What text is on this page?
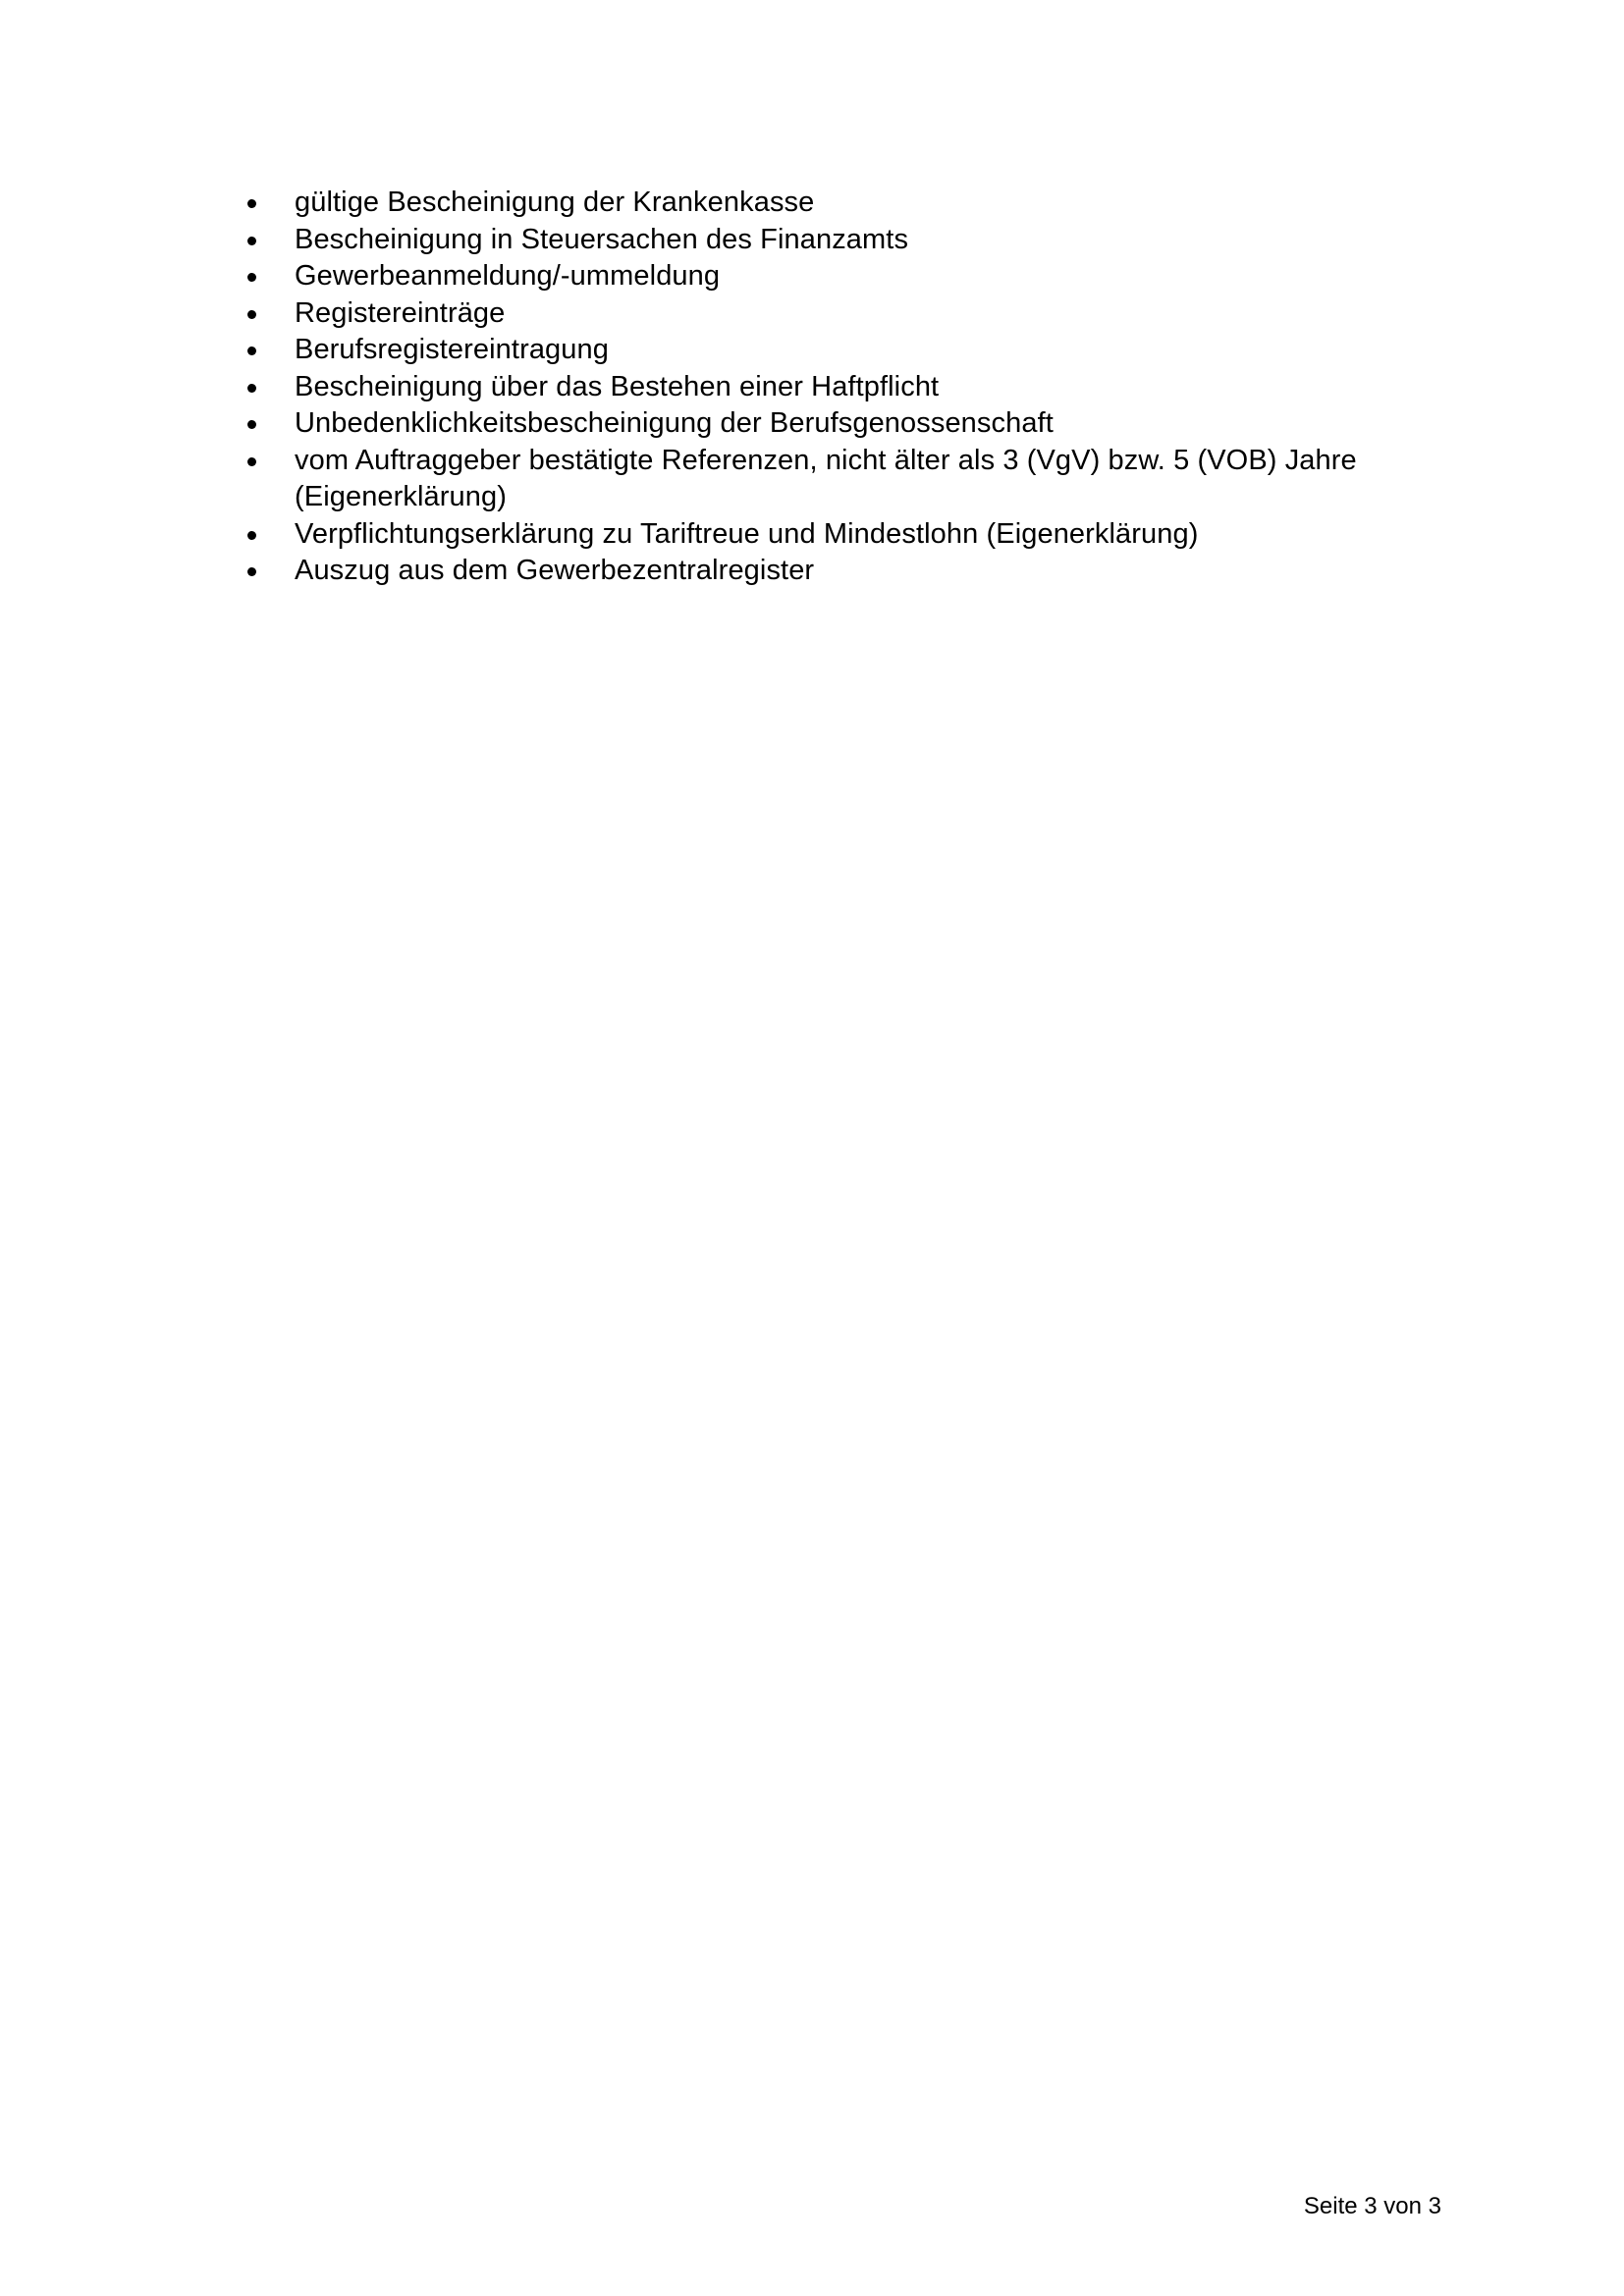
gültige Bescheinigung der Krankenkasse
Bescheinigung in Steuersachen des Finanzamts
Gewerbeanmeldung/-ummeldung
Registereinträge
Berufsregistereintragung
Bescheinigung über das Bestehen einer Haftpflicht
Unbedenklichkeitsbescheinigung der Berufsgenossenschaft
vom Auftraggeber bestätigte Referenzen, nicht älter als 3 (VgV) bzw. 5 (VOB) Jahre (Eigenerklärung)
Verpflichtungserklärung zu Tariftreue und Mindestlohn (Eigenerklärung)
Auszug aus dem Gewerbezentralregister
Seite 3 von 3
